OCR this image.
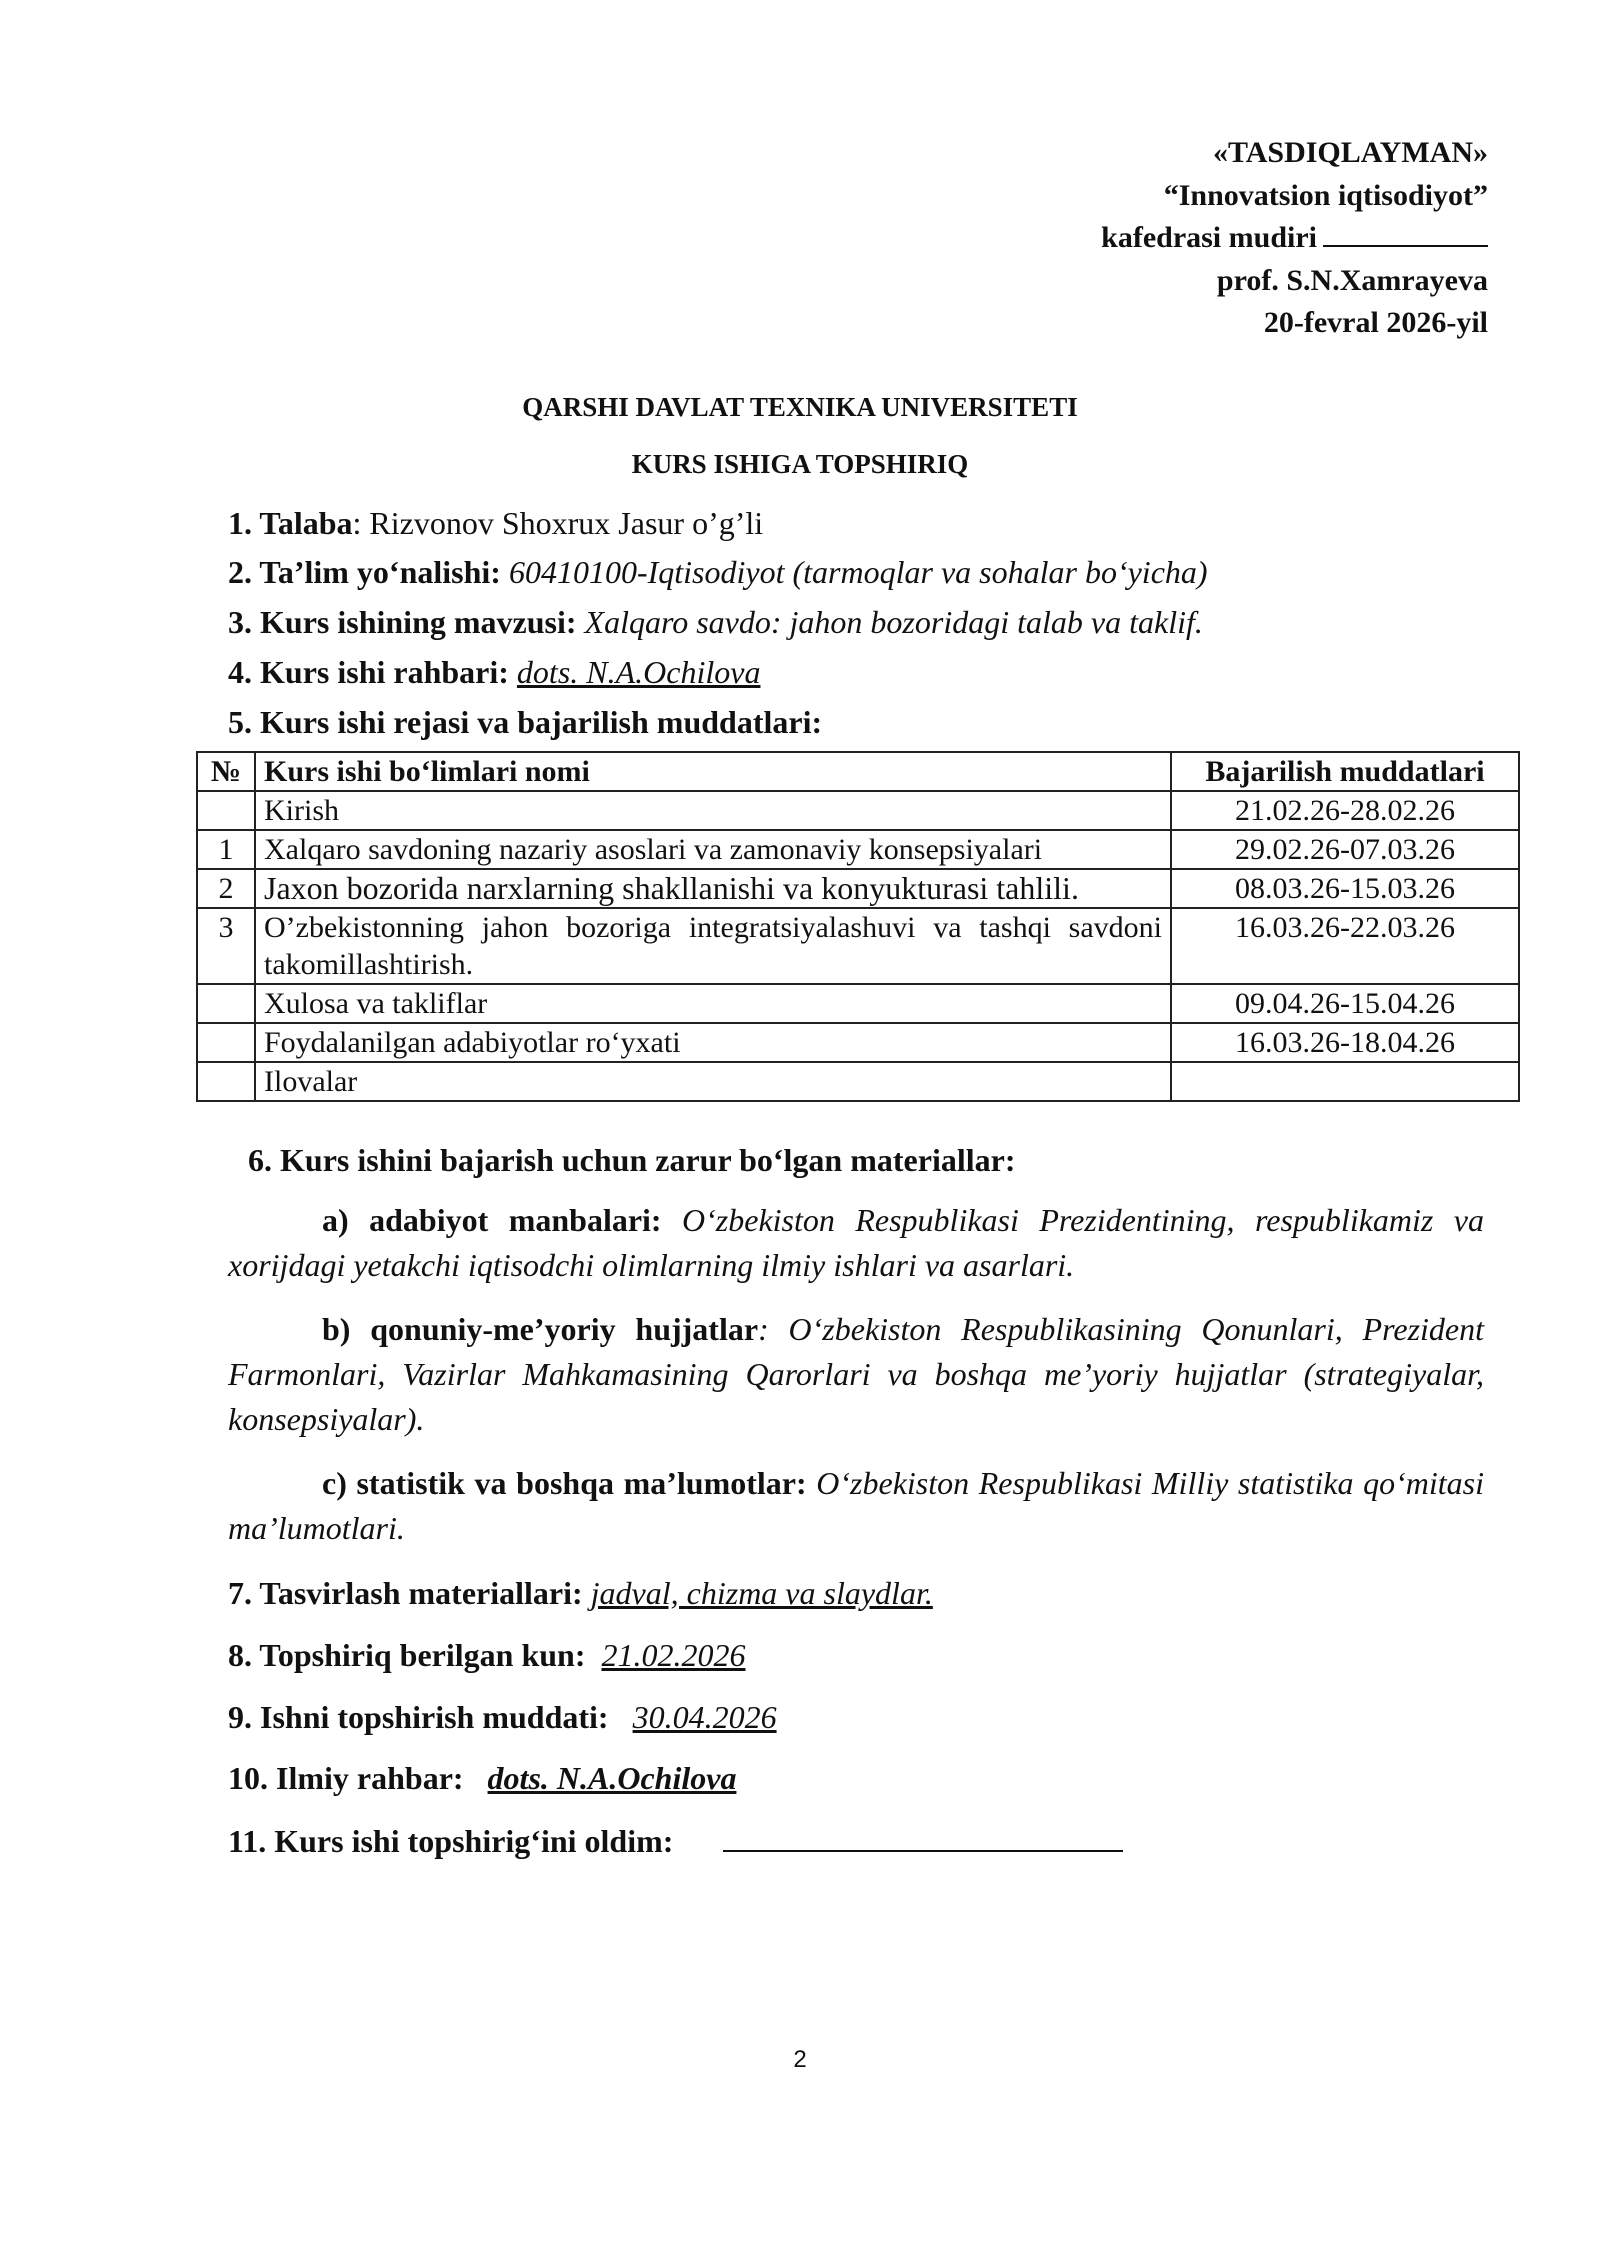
«TASDIQLAYMAN»
“Innovatsion iqtisodiyot”
kafedrasi mudiri
prof. S.N.Xamrayeva
20-fevral 2026-yil
QARSHI DAVLAT TEXNIKA UNIVERSITETI
KURS ISHIGA TOPSHIRIQ
1. Talaba: Rizvonov Shoxrux Jasur o’g’li
2. Ta’lim yo‘nalishi: 60410100-Iqtisodiyot (tarmoqlar va sohalar bo‘yicha)
3. Kurs ishining mavzusi: Xalqaro savdo: jahon bozoridagi talab va taklif.
4. Kurs ishi rahbari: dots. N.A.Ochilova
5. Kurs ishi rejasi va bajarilish muddatlari:
№	Kurs ishi bo‘limlari nomi	Bajarilish muddatlari
	Kirish	21.02.26-28.02.26
1	Xalqaro savdoning nazariy asoslari va zamonaviy konsepsiyalari	29.02.26-07.03.26
2	Jaxon bozorida narxlarning shakllanishi va konyukturasi tahlili.	08.03.26-15.03.26
3	O’zbekistonning jahon bozoriga integratsiyalashuvi va tashqi savdoni takomillashtirish.	16.03.26-22.03.26
	Xulosa va takliflar	09.04.26-15.04.26
	Foydalanilgan adabiyotlar ro‘yxati	16.03.26-18.04.26
	Ilovalar	
6. Kurs ishini bajarish uchun zarur bo‘lgan materiallar:
a) adabiyot manbalari: O‘zbekiston Respublikasi Prezidentining, respublikamiz va xorijdagi yetakchi iqtisodchi olimlarning ilmiy ishlari va asarlari.
b) qonuniy-me’yoriy hujjatlar: O‘zbekiston Respublikasining Qonunlari, Prezident Farmonlari, Vazirlar Mahkamasining Qarorlari va boshqa me’yoriy hujjatlar (strategiyalar, konsepsiyalar).
c) statistik va boshqa ma’lumotlar: O‘zbekiston Respublikasi Milliy statistika qo‘mitasi ma’lumotlari.
7. Tasvirlash materiallari: jadval, chizma va slaydlar.
8. Topshiriq berilgan kun: 21.02.2026
9. Ishni topshirish muddati: 30.04.2026
10. Ilmiy rahbar: dots. N.A.Ochilova
11. Kurs ishi topshirig‘ini oldim:
2
